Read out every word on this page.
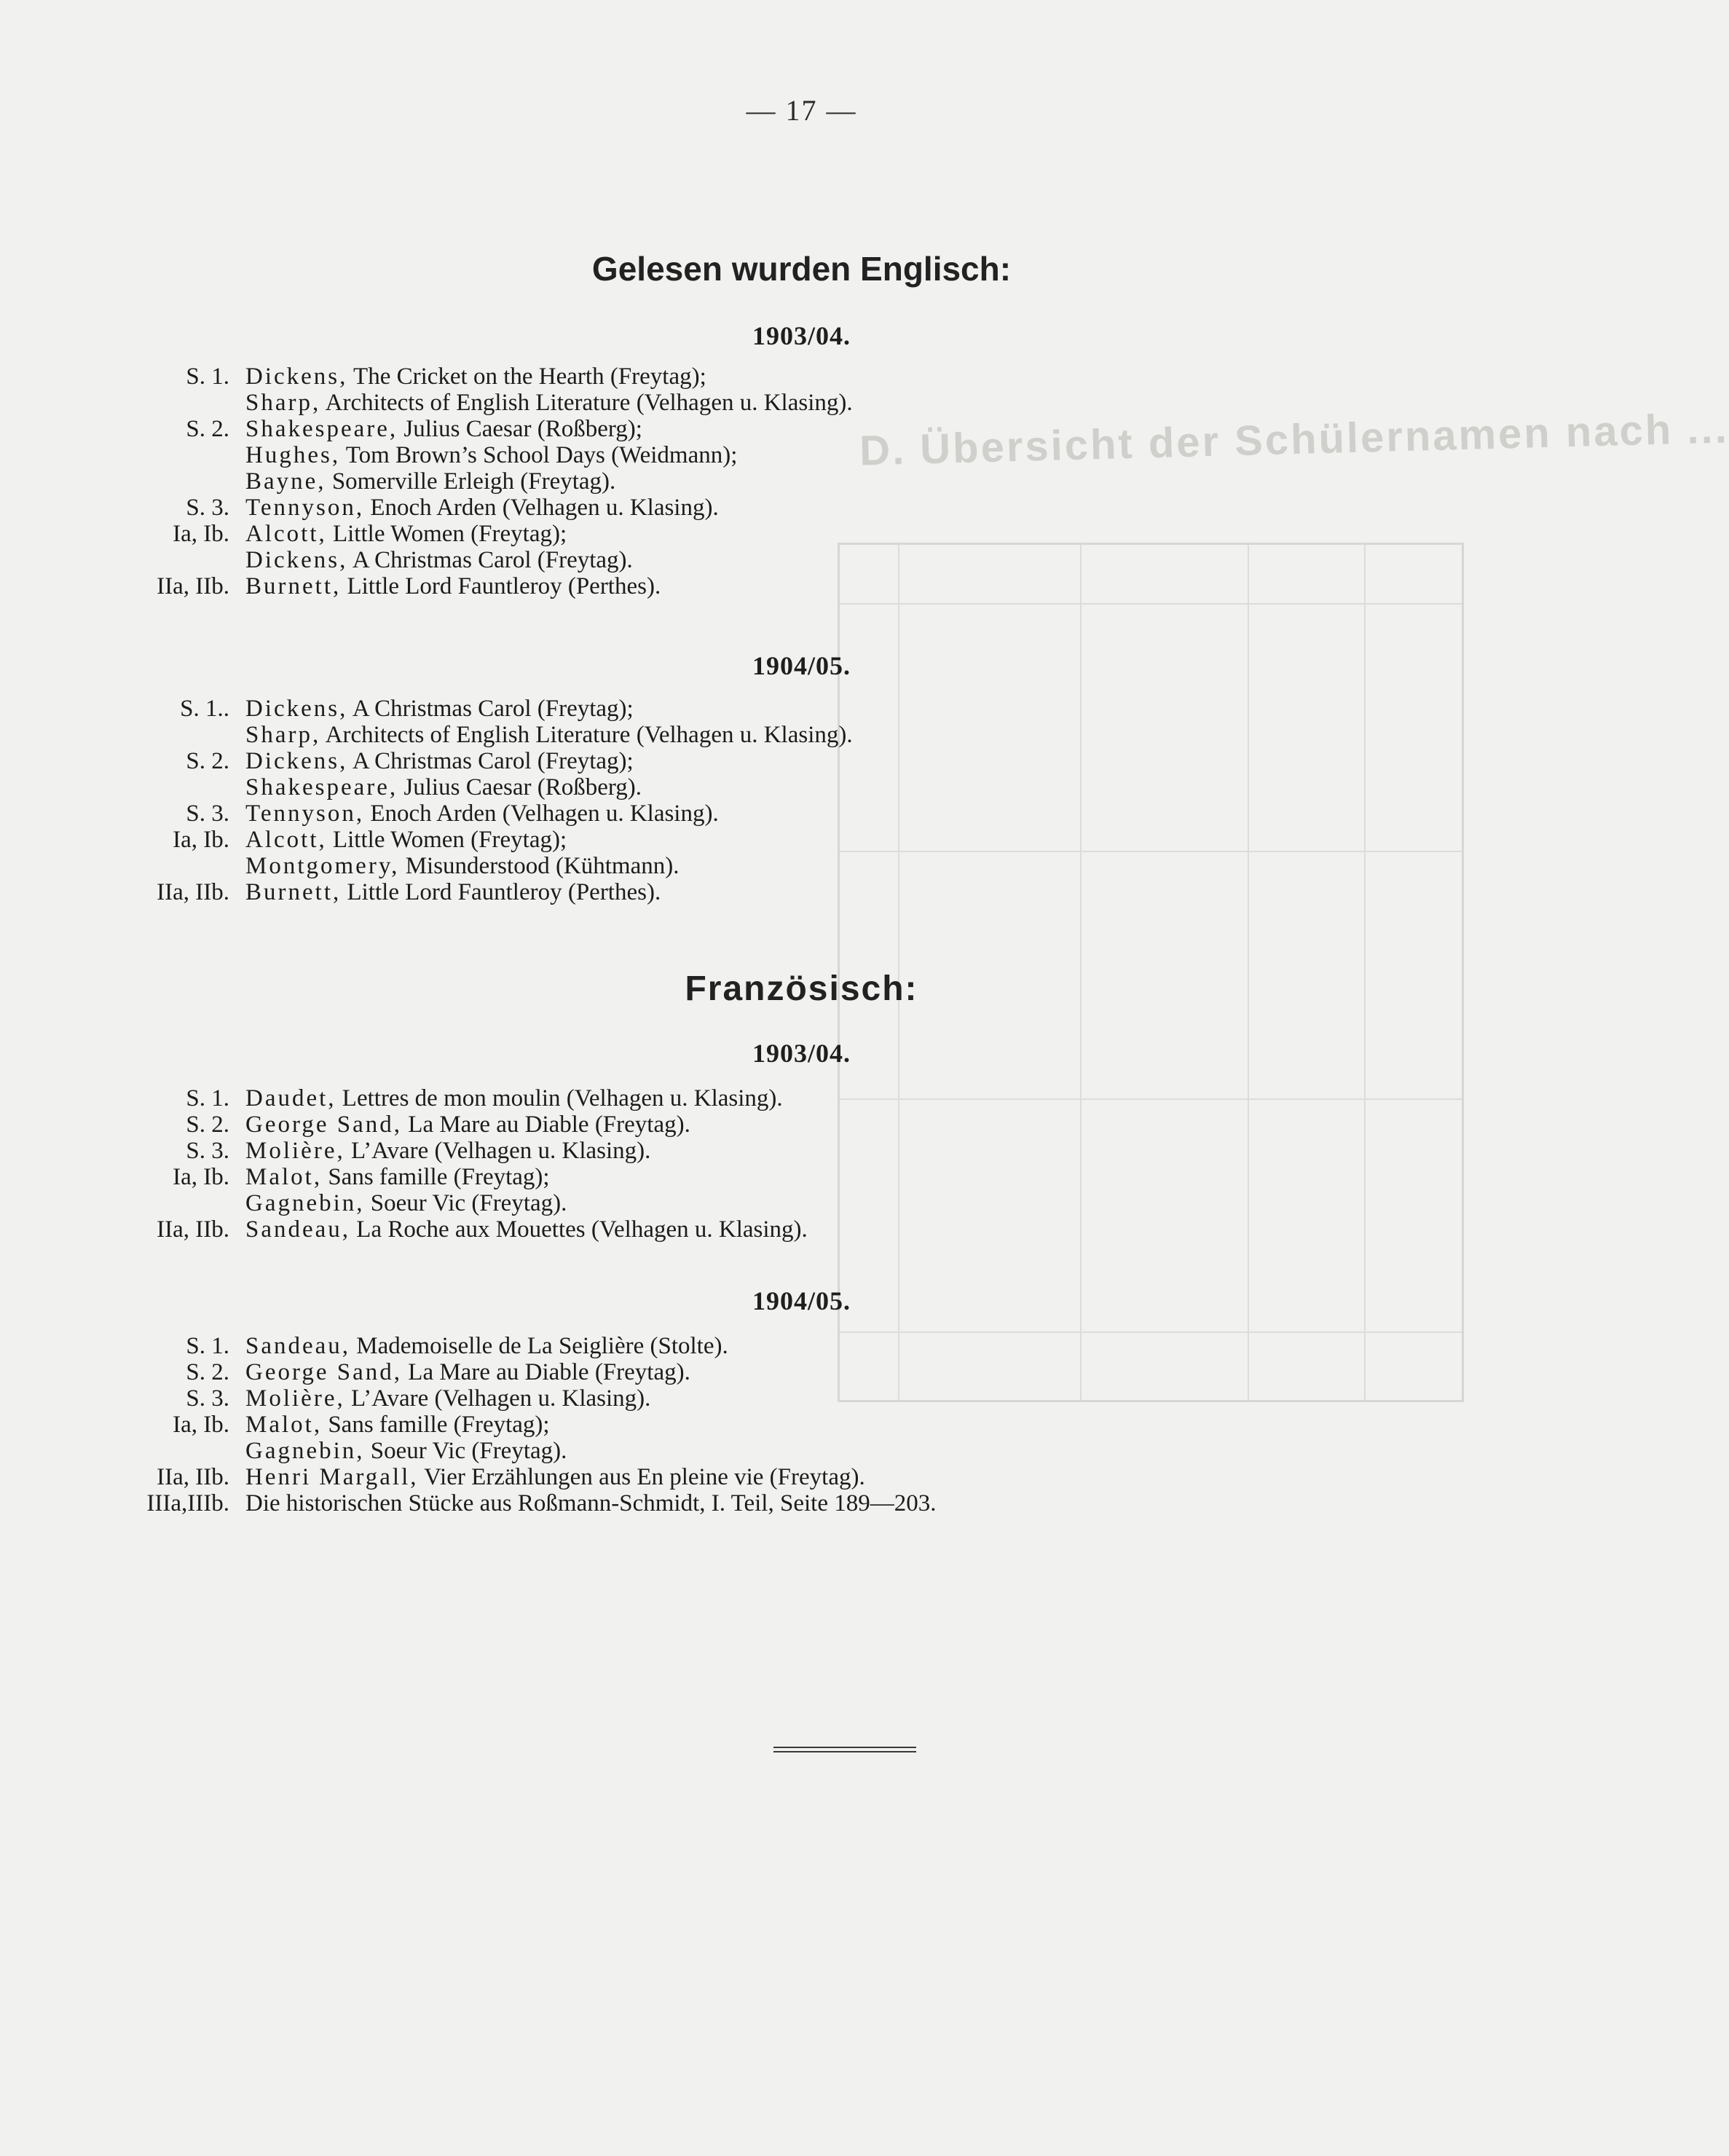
D. Übersicht der Schülernamen nach ...
— 17 —
Gelesen wurden Englisch:
1903/04.
S. 1. Dickens, The Cricket on the Hearth (Freytag);
Sharp, Architects of English Literature (Velhagen u. Klasing).
S. 2. Shakespeare, Julius Caesar (Roßberg);
Hughes, Tom Brown’s School Days (Weidmann);
Bayne, Somerville Erleigh (Freytag).
S. 3. Tennyson, Enoch Arden (Velhagen u. Klasing).
Ia, Ib. Alcott, Little Women (Freytag);
Dickens, A Christmas Carol (Freytag).
IIa, IIb. Burnett, Little Lord Fauntleroy (Perthes).
1904/05.
S. 1.. Dickens, A Christmas Carol (Freytag);
Sharp, Architects of English Literature (Velhagen u. Klasing).
S. 2. Dickens, A Christmas Carol (Freytag);
Shakespeare, Julius Caesar (Roßberg).
S. 3. Tennyson, Enoch Arden (Velhagen u. Klasing).
Ia, Ib. Alcott, Little Women (Freytag);
Montgomery, Misunderstood (Kühtmann).
IIa, IIb. Burnett, Little Lord Fauntleroy (Perthes).
Französisch:
1903/04.
S. 1. Daudet, Lettres de mon moulin (Velhagen u. Klasing).
S. 2. George Sand, La Mare au Diable (Freytag).
S. 3. Molière, L’Avare (Velhagen u. Klasing).
Ia, Ib. Malot, Sans famille (Freytag);
Gagnebin, Soeur Vic (Freytag).
IIa, IIb. Sandeau, La Roche aux Mouettes (Velhagen u. Klasing).
1904/05.
S. 1. Sandeau, Mademoiselle de La Seiglière (Stolte).
S. 2. George Sand, La Mare au Diable (Freytag).
S. 3. Molière, L’Avare (Velhagen u. Klasing).
Ia, Ib. Malot, Sans famille (Freytag);
Gagnebin, Soeur Vic (Freytag).
IIa, IIb. Henri Margall, Vier Erzählungen aus En pleine vie (Freytag).
IIIa,IIIb. Die historischen Stücke aus Roßmann-Schmidt, I. Teil, Seite 189—203.
